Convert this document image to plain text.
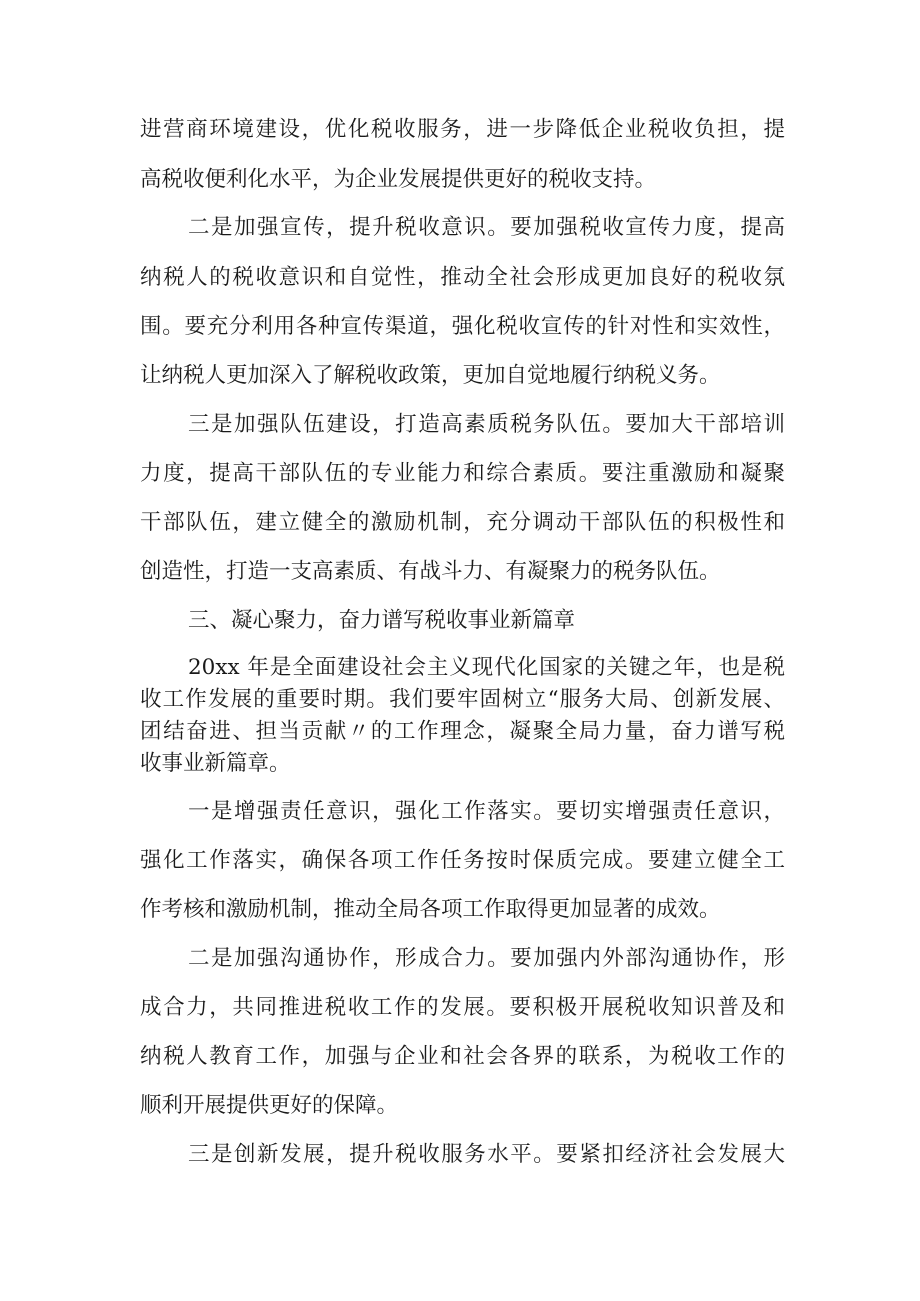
进营商环境建设，优化税收服务，进一步降低企业税收负担，提
高税收便利化水平，为企业发展提供更好的税收支持。
二是加强宣传，提升税收意识。要加强税收宣传力度，提高
纳税人的税收意识和自觉性，推动全社会形成更加良好的税收氛
围。要充分利用各种宣传渠道，强化税收宣传的针对性和实效性，
让纳税人更加深入了解税收政策，更加自觉地履行纳税义务。
三是加强队伍建设，打造高素质税务队伍。要加大干部培训
力度，提高干部队伍的专业能力和综合素质。要注重激励和凝聚
干部队伍，建立健全的激励机制，充分调动干部队伍的积极性和
创造性，打造一支高素质、有战斗力、有凝聚力的税务队伍。
三、凝心聚力，奋力谱写税收事业新篇章
20xx 年是全面建设社会主义现代化国家的关键之年，也是税
收工作发展的重要时期。我们要牢固树立“服务大局、创新发展、
团结奋进、担当贡献〃的工作理念，凝聚全局力量，奋力谱写税
收事业新篇章。
一是增强责任意识，强化工作落实。要切实增强责任意识，
强化工作落实，确保各项工作任务按时保质完成。要建立健全工
作考核和激励机制，推动全局各项工作取得更加显著的成效。
二是加强沟通协作，形成合力。要加强内外部沟通协作，形
成合力，共同推进税收工作的发展。要积极开展税收知识普及和
纳税人教育工作，加强与企业和社会各界的联系，为税收工作的
顺利开展提供更好的保障。
三是创新发展，提升税收服务水平。要紧扣经济社会发展大
